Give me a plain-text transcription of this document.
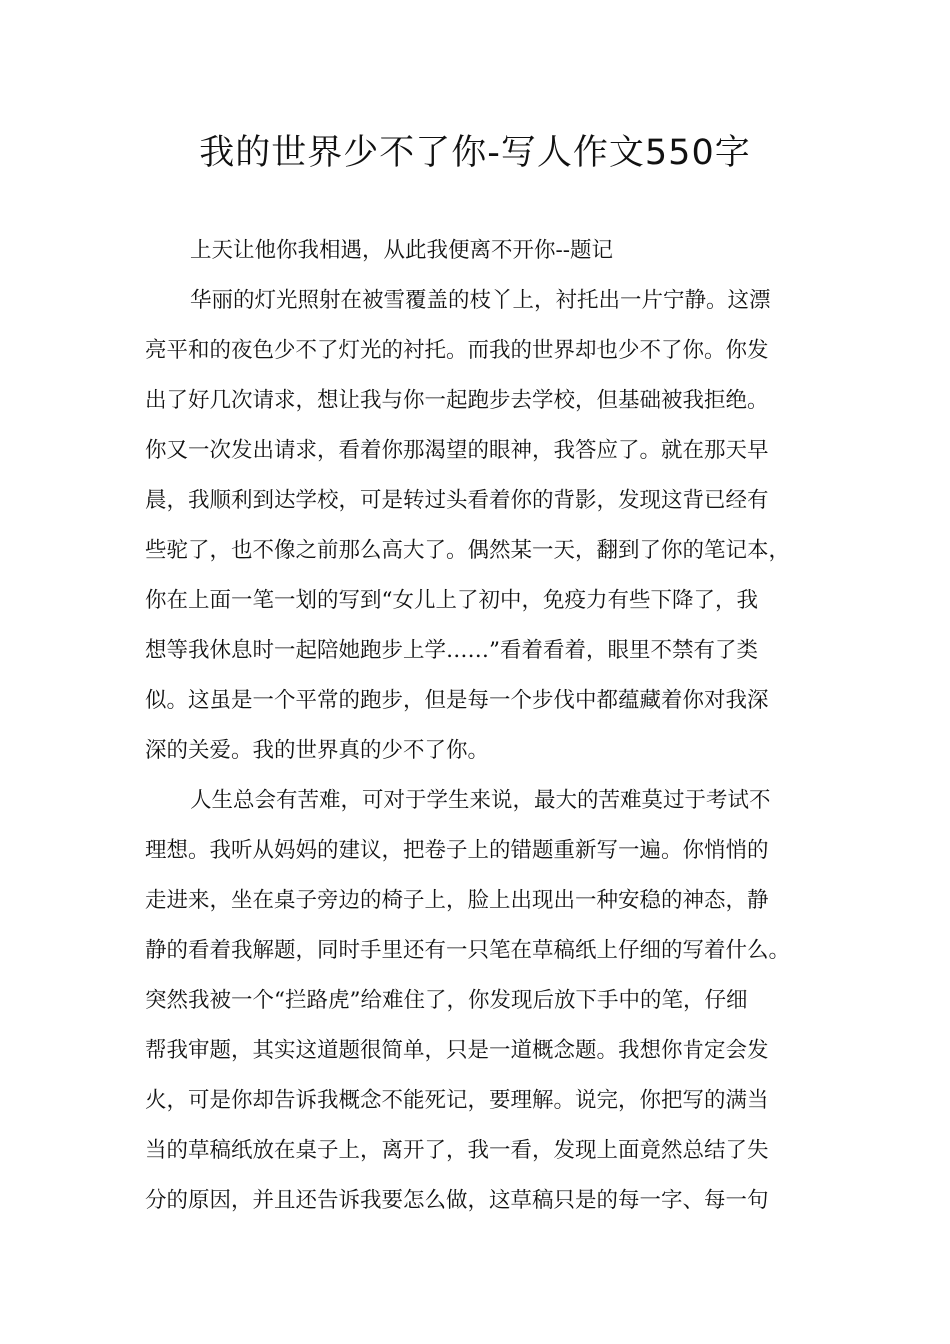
我的世界少不了你-写人作文550字

上天让他你我相遇，从此我便离不开你--题记

华丽的灯光照射在被雪覆盖的枝丫上，衬托出一片宁静。这漂

亮平和的夜色少不了灯光的衬托。而我的世界却也少不了你。你发

出了好几次请求，想让我与你一起跑步去学校，但基础被我拒绝。

你又一次发出请求，看着你那渴望的眼神，我答应了。就在那天早

晨，我顺利到达学校，可是转过头看着你的背影，发现这背已经有

些驼了，也不像之前那么高大了。偶然某一天，翻到了你的笔记本，

你在上面一笔一划的写到“女儿上了初中，免疫力有些下降了，我

想等我休息时一起陪她跑步上学……”看着看着，眼里不禁有了类

似。这虽是一个平常的跑步，但是每一个步伐中都蕴藏着你对我深

深的关爱。我的世界真的少不了你。

人生总会有苦难，可对于学生来说，最大的苦难莫过于考试不

理想。我听从妈妈的建议，把卷子上的错题重新写一遍。你悄悄的

走进来，坐在桌子旁边的椅子上，脸上出现出一种安稳的神态，静

静的看着我解题，同时手里还有一只笔在草稿纸上仔细的写着什么。

突然我被一个“拦路虎”给难住了，你发现后放下手中的笔，仔细

帮我审题，其实这道题很简单，只是一道概念题。我想你肯定会发

火，可是你却告诉我概念不能死记，要理解。说完，你把写的满当

当的草稿纸放在桌子上，离开了，我一看，发现上面竟然总结了失

分的原因，并且还告诉我要怎么做，这草稿只是的每一字、每一句
